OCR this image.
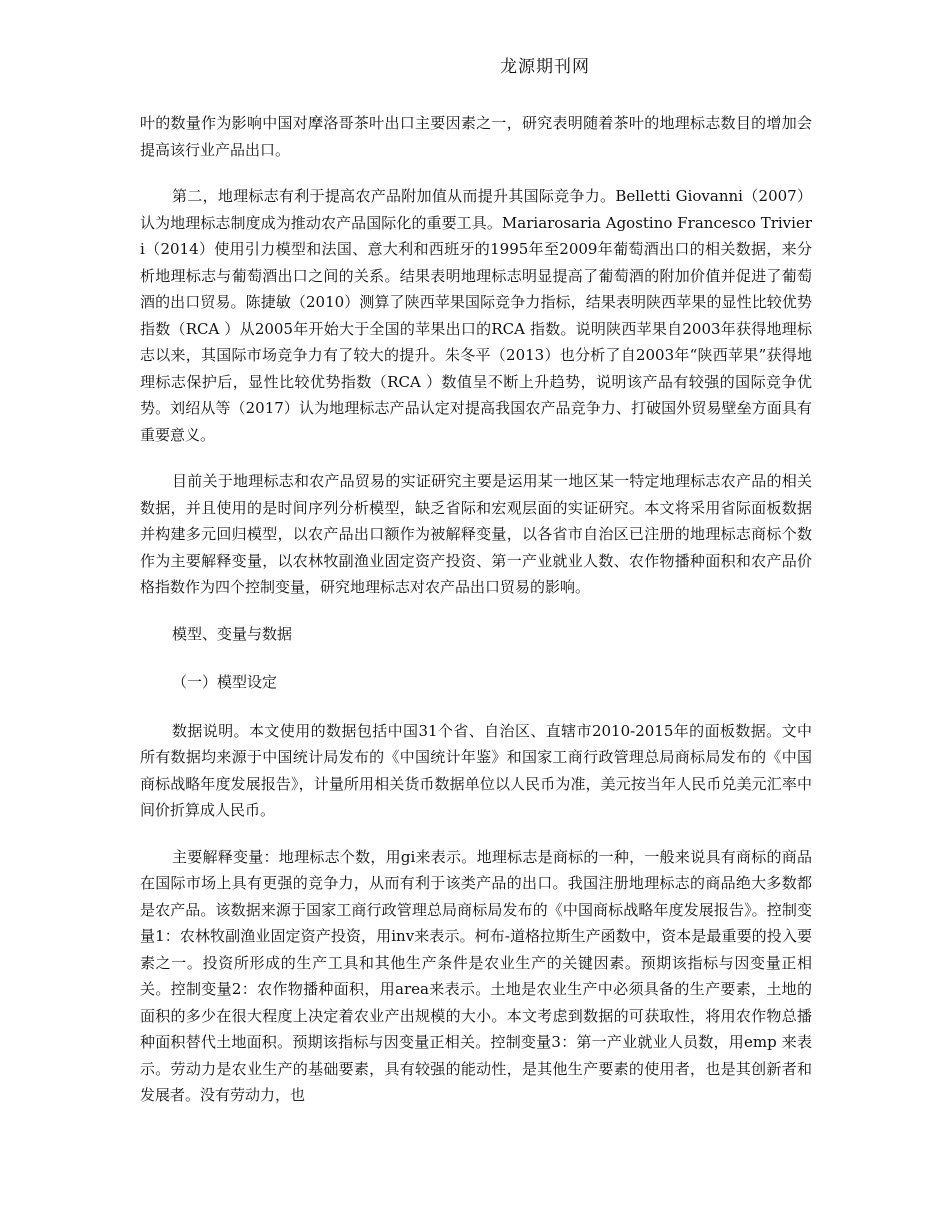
龙源期刊网

叶的数量作为影响中国对摩洛哥茶叶出口主要因素之一，研究表明随着茶叶的地理标志数目的增加会提高该行业产品出口。

第二，地理标志有利于提高农产品附加值从而提升其国际竞争力。Belletti Giovanni（2007）认为地理标志制度成为推动农产品国际化的重要工具。Mariarosaria Agostino Francesco Trivieri（2014）使用引力模型和法国、意大利和西班牙的1995年至2009年葡萄酒出口的相关数据，来分析地理标志与葡萄酒出口之间的关系。结果表明地理标志明显提高了葡萄酒的附加价值并促进了葡萄酒的出口贸易。陈捷敏（2010）测算了陕西苹果国际竞争力指标，结果表明陕西苹果的显性比较优势指数（RCA ）从2005年开始大于全国的苹果出口的RCA 指数。说明陕西苹果自2003年获得地理标志以来，其国际市场竞争力有了较大的提升。朱冬平（2013）也分析了自2003年“陕西苹果”获得地理标志保护后，显性比较优势指数（RCA ）数值呈不断上升趋势，说明该产品有较强的国际竞争优势。刘绍从等（2017）认为地理标志产品认定对提高我国农产品竞争力、打破国外贸易壁垒方面具有重要意义。

目前关于地理标志和农产品贸易的实证研究主要是运用某一地区某一特定地理标志农产品的相关数据，并且使用的是时间序列分析模型，缺乏省际和宏观层面的实证研究。本文将采用省际面板数据并构建多元回归模型，以农产品出口额作为被解释变量，以各省市自治区已注册的地理标志商标个数作为主要解释变量，以农林牧副渔业固定资产投资、第一产业就业人数、农作物播种面积和农产品价格指数作为四个控制变量，研究地理标志对农产品出口贸易的影响。

模型、变量与数据
（一）模型设定

数据说明。本文使用的数据包括中国31个省、自治区、直辖市2010-2015年的面板数据。文中所有数据均来源于中国统计局发布的《中国统计年鉴》和国家工商行政管理总局商标局发布的《中国商标战略年度发展报告》，计量所用相关货币数据单位以人民币为准，美元按当年人民币兑美元汇率中间价折算成人民币。

主要解释变量：地理标志个数，用gi来表示。地理标志是商标的一种，一般来说具有商标的商品在国际市场上具有更强的竞争力，从而有利于该类产品的出口。我国注册地理标志的商品绝大多数都是农产品。该数据来源于国家工商行政管理总局商标局发布的《中国商标战略年度发展报告》。控制变量1：农林牧副渔业固定资产投资，用inv来表示。柯布-道格拉斯生产函数中，资本是最重要的投入要素之一。投资所形成的生产工具和其他生产条件是农业生产的关键因素。预期该指标与因变量正相关。控制变量2：农作物播种面积，用area来表示。土地是农业生产中必须具备的生产要素，土地的面积的多少在很大程度上决定着农业产出规模的大小。本文考虑到数据的可获取性，将用农作物总播种面积替代土地面积。预期该指标与因变量正相关。控制变量3：第一产业就业人员数，用emp 来表示。劳动力是农业生产的基础要素，具有较强的能动性，是其他生产要素的使用者，也是其创新者和发展者。没有劳动力，也
